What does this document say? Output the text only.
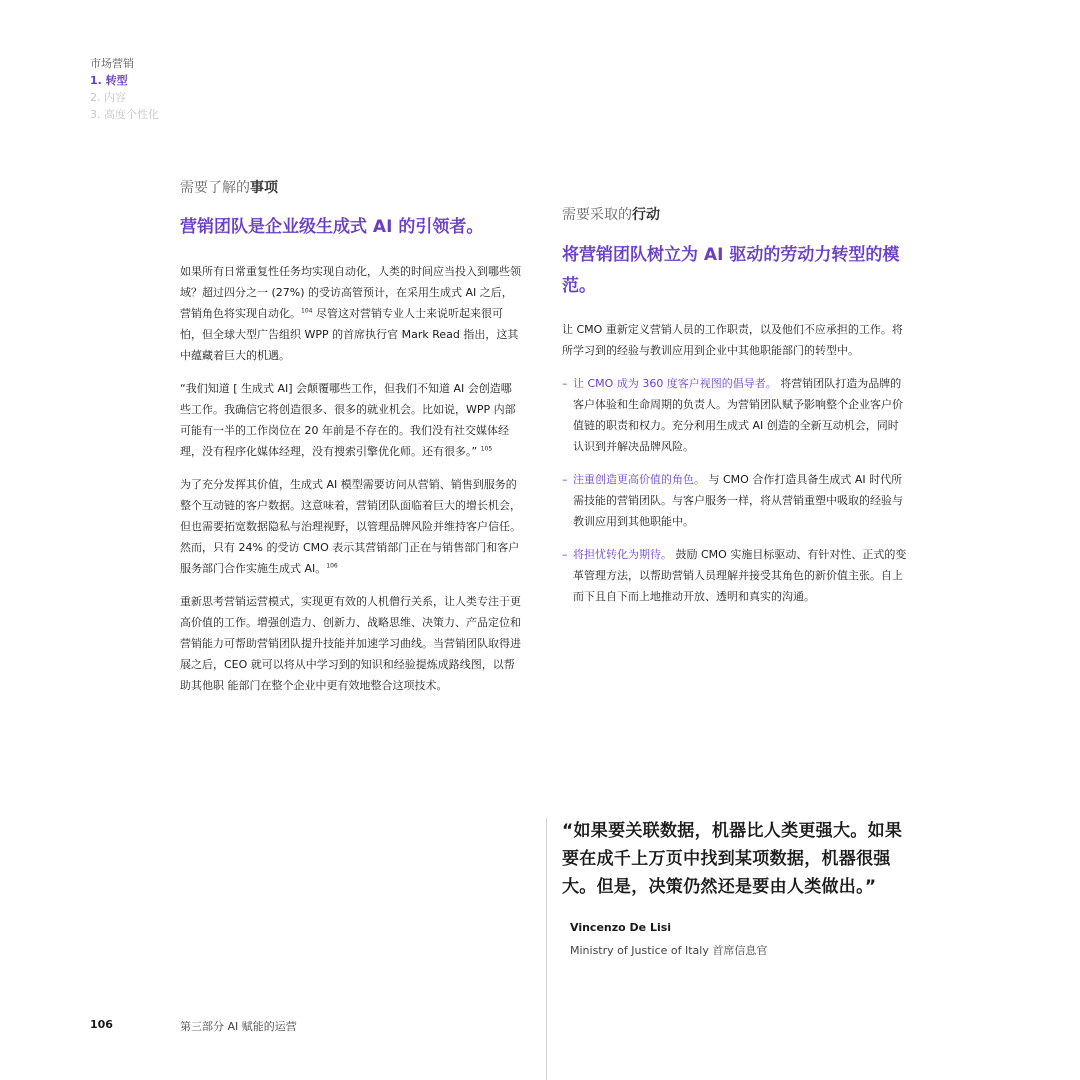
市场营销
1. 转型
2. 内容
3. 高度个性化
需要了解的事项
营销团队是企业级生成式 AI 的引领者。

如果所有日常重复性任务均实现自动化，人类的时间应当投入到哪些领域？超过四分之一 (27%) 的受访高管预计，在采用生成式 AI 之后，营销角色将实现自动化。$^{104}$ 尽管这对营销专业人士来说听起来很可怕，但全球大型广告组织 WPP 的首席执行官 Mark Read 指出，这其中蕴藏着巨大的机遇。

“我们知道 [ 生成式 AI] 会颠覆哪些工作，但我们不知道 AI 会创造哪些工作。我确信它将创造很多、很多的就业机会。比如说，WPP 内部可能有一半的工作岗位在 20 年前是不存在的。我们没有社交媒体经理，没有程序化媒体经理，没有搜索引擎优化师。还有很多。” $^{105}$

为了充分发挥其价值，生成式 AI 模型需要访问从营销、销售到服务的整个互动链的客户数据。这意味着，营销团队面临着巨大的增长机会，但也需要拓宽数据隐私与治理视野，以管理品牌风险并维持客户信任。然而，只有 24% 的受访 CMO 表示其营销部门正在与销售部门和客户服务部门合作实施生成式 AI。$^{106}$

重新思考营销运营模式，实现更有效的人机僧行关系，让人类专注于更高价值的工作。增强创造力、创新力、战略思维、决策力、产品定位和营销能力可帮助营销团队提升技能并加速学习曲线。当营销团队取得进展之后，CEO 就可以将从中学习到的知识和经验提炼成路线图，以帮助其他职 能部门在整个企业中更有效地整合这项技术。

需要采取的行动
将营销团队树立为 AI 驱动的劳动力转型的模范。

让 CMO 重新定义营销人员的工作职责，以及他们不应承担的工作。将所学习到的经验与教训应用到企业中其他职能部门的转型中。

– 让 CMO 成为 360 度客户视图的倡导者。 将营销团队打造为品牌的客户体验和生命周期的负责人。为营销团队赋予影响整个企业客户价值链的职责和权力。充分利用生成式 AI 创造的全新互动机会，同时认识到并解决品牌风险。
– 注重创造更高价值的角色。 与 CMO 合作打造具备生成式 AI 时代所需技能的营销团队。与客户服务一样，将从营销重塑中吸取的经验与教训应用到其他职能中。
– 将担忧转化为期待。 鼓励 CMO 实施目标驱动、有针对性、正式的变革管理方法，以帮助营销人员理解并接受其角色的新价值主张。自上而下且自下而上地推动开放、透明和真实的沟通。
“如果要关联数据，机器比人类更强大。如果要在成千上万页中找到某项数据，机器很强大。但是，决策仍然还是要由人类做出。”
Vincenzo De Lisi
Ministry of Justice of Italy 首席信息官
106	第三部分 AI 赋能的运营
